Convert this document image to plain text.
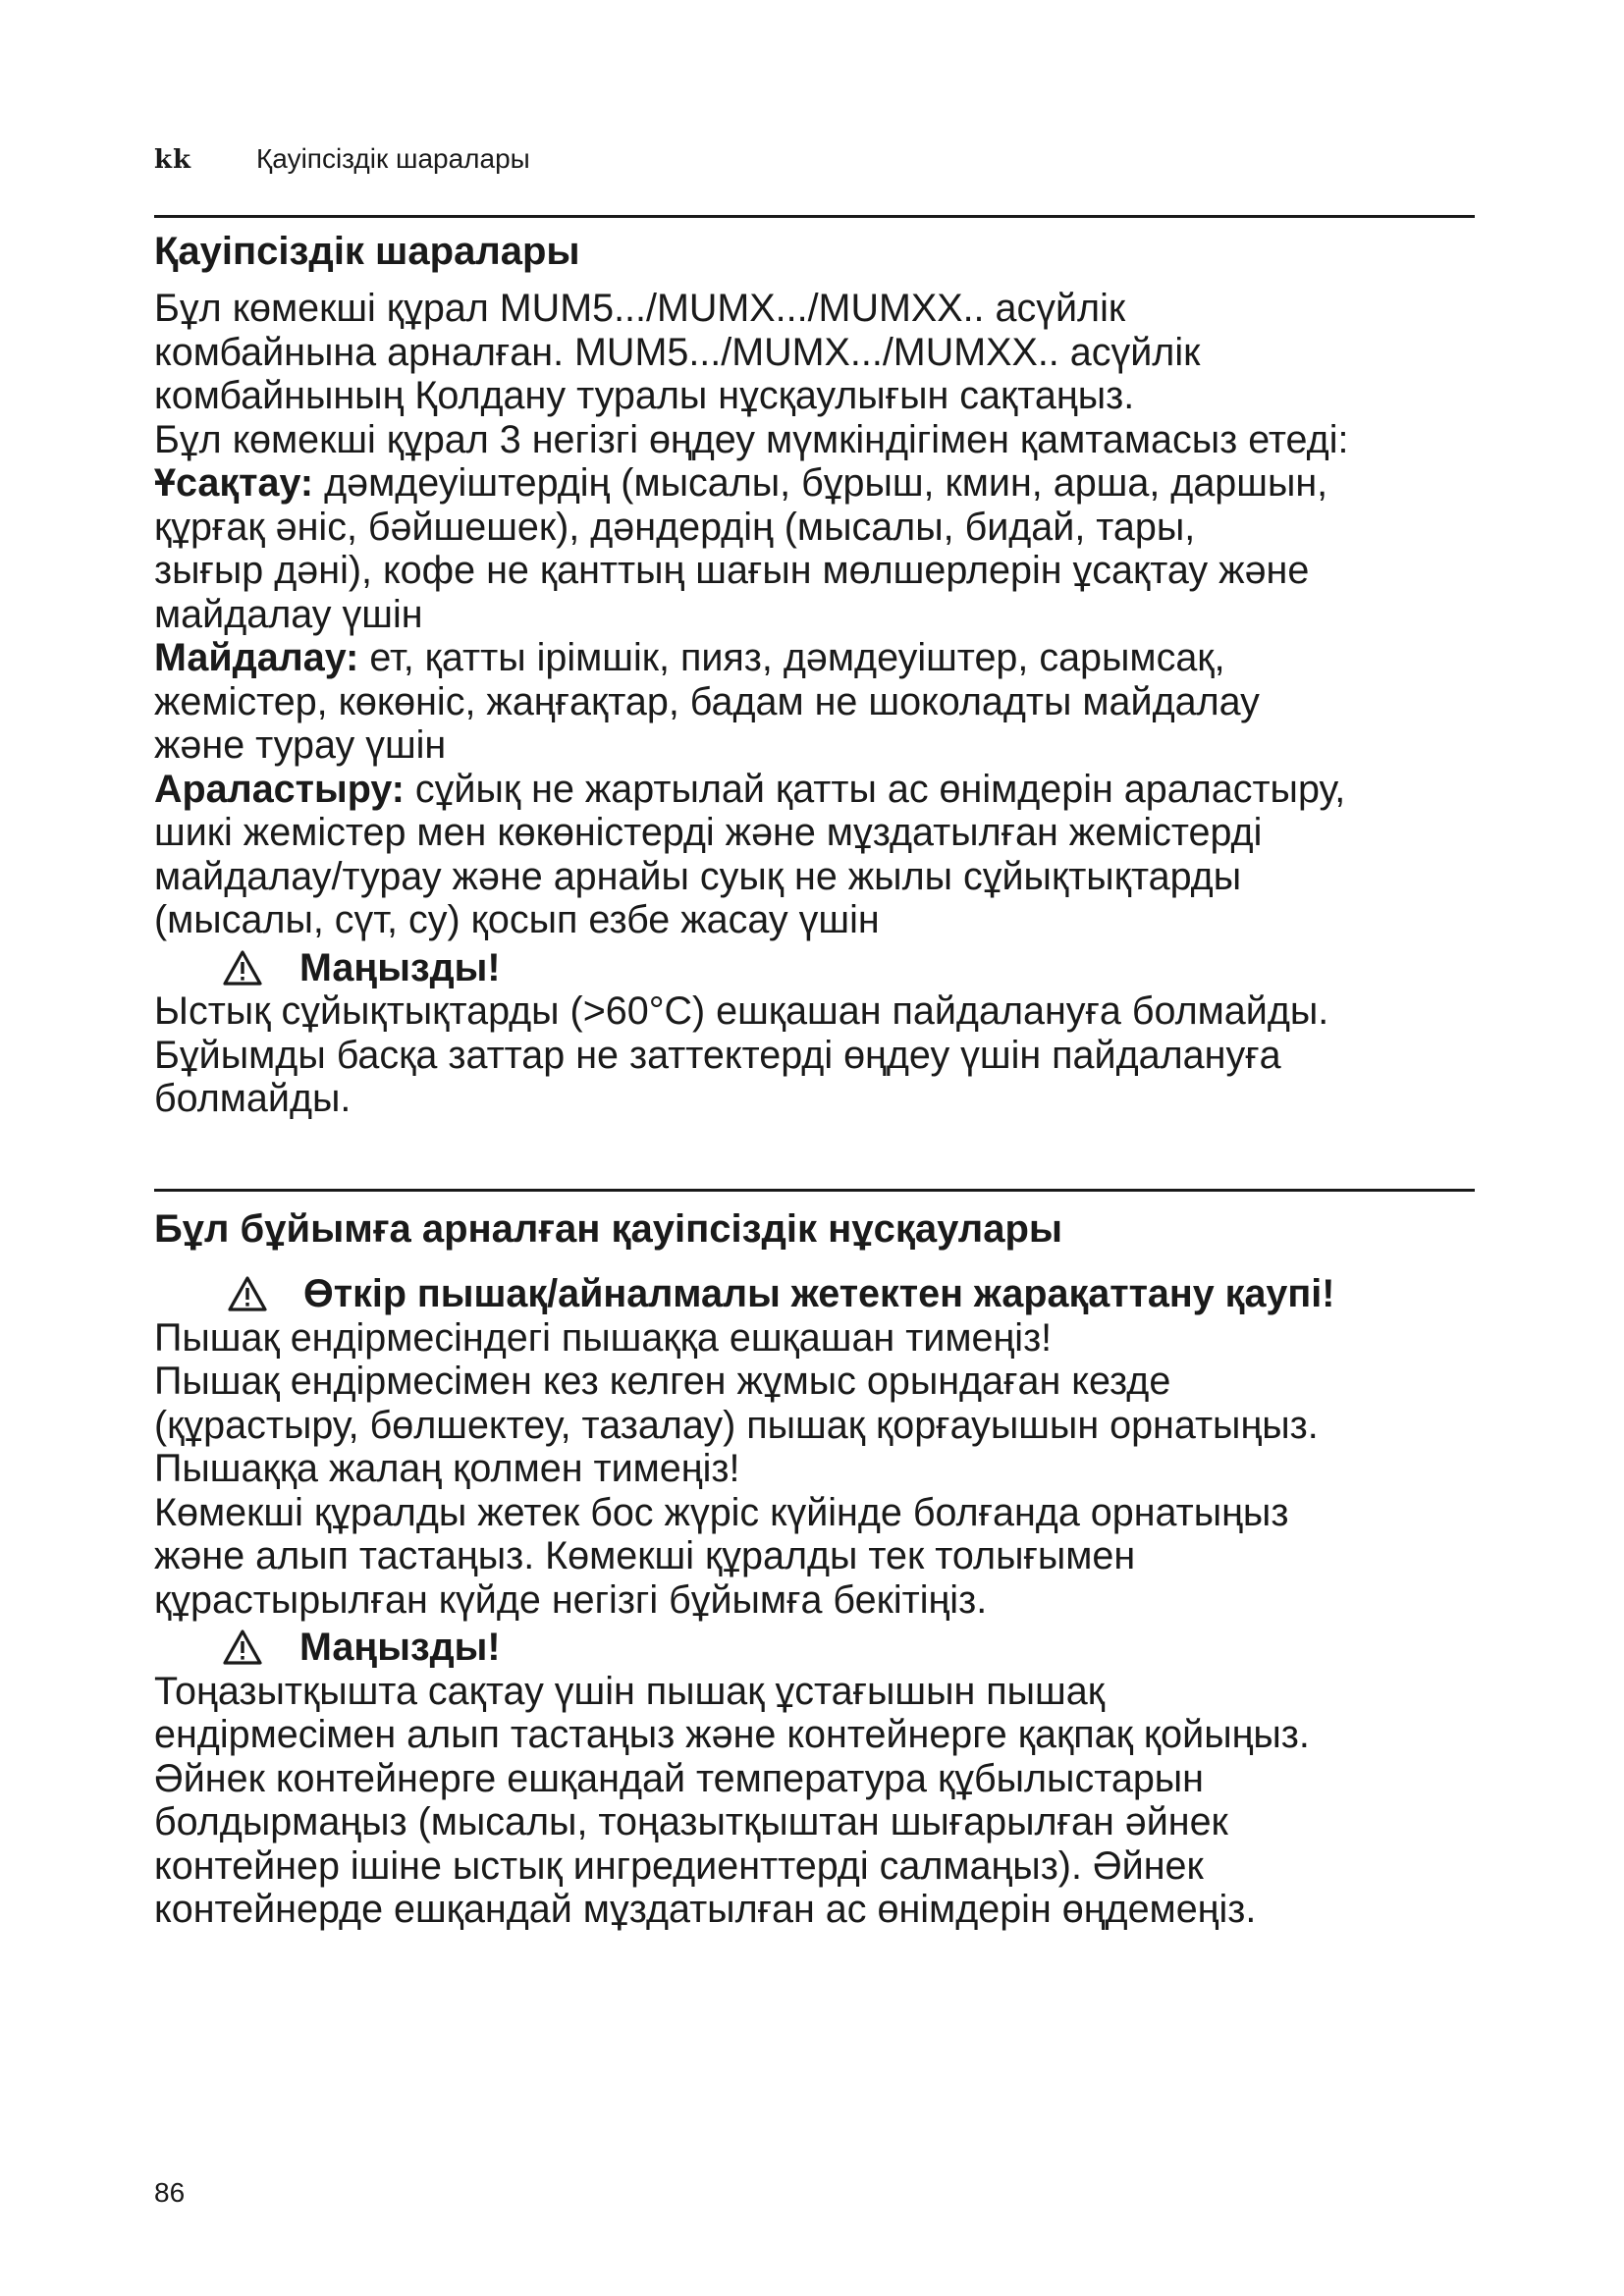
kk Қауіпсіздік шаралары
Қауіпсіздік шаралары

Бұл көмекші құрал MUM5.../MUMX.../MUMXX.. асүйлік

комбайнына арналған. MUM5.../MUMX.../MUMXX.. асүйлік

комбайнының Қолдану туралы нұсқаулығын сақтаңыз.

Бұл көмекші құрал 3 негізгі өңдеу мүмкіндігімен қамтамасыз етеді:

Ұсақтау: дәмдеуіштердің (мысалы, бұрыш, кмин, арша, даршын,

құрғақ әніс, бәйшешек), дәндердің (мысалы, бидай, тары,

зығыр дәні), кофе не қанттың шағын мөлшерлерін ұсақтау және

майдалау үшін

Майдалау: ет, қатты ірімшік, пияз, дәмдеуіштер, сарымсақ,

жемістер, көкөніс, жаңғақтар, бадам не шоколадты майдалау

және турау үшін

Араластыру: сұйық не жартылай қатты ас өнімдерін араластыру,

шикі жемістер мен көкөністерді және мұздатылған жемістерді

майдалау/турау және арнайы суық не жылы сұйықтықтарды

(мысалы, сүт, су) қосып езбе жасау үшін

Маңызды!

Ыстық сұйықтықтарды (>60°C) ешқашан пайдалануға болмайды.

Бұйымды басқа заттар не заттектерді өңдеу үшін пайдалануға

болмайды.

Бұл бұйымға арналған қауіпсіздік нұсқаулары

Өткір пышақ/айналмалы жетектен жарақаттану қаупі!

Пышақ ендірмесіндегі пышаққа ешқашан тимеңіз!

Пышақ ендірмесімен кез келген жұмыс орындаған кезде

(құрастыру, бөлшектеу, тазалау) пышақ қорғауышын орнатыңыз.

Пышаққа жалаң қолмен тимеңіз!

Көмекші құралды жетек бос жүріс күйінде болғанда орнатыңыз

және алып тастаңыз. Көмекші құралды тек толығымен

құрастырылған күйде негізгі бұйымға бекітіңіз.

Маңызды!

Тоңазытқышта сақтау үшін пышақ ұстағышын пышақ

ендірмесімен алып тастаңыз және контейнерге қақпақ қойыңыз.

Әйнек контейнерге ешқандай температура құбылыстарын

болдырмаңыз (мысалы, тоңазытқыштан шығарылған әйнек

контейнер ішіне ыстық ингредиенттерді салмаңыз). Әйнек

контейнерде ешқандай мұздатылған ас өнімдерін өңдемеңіз.

86
